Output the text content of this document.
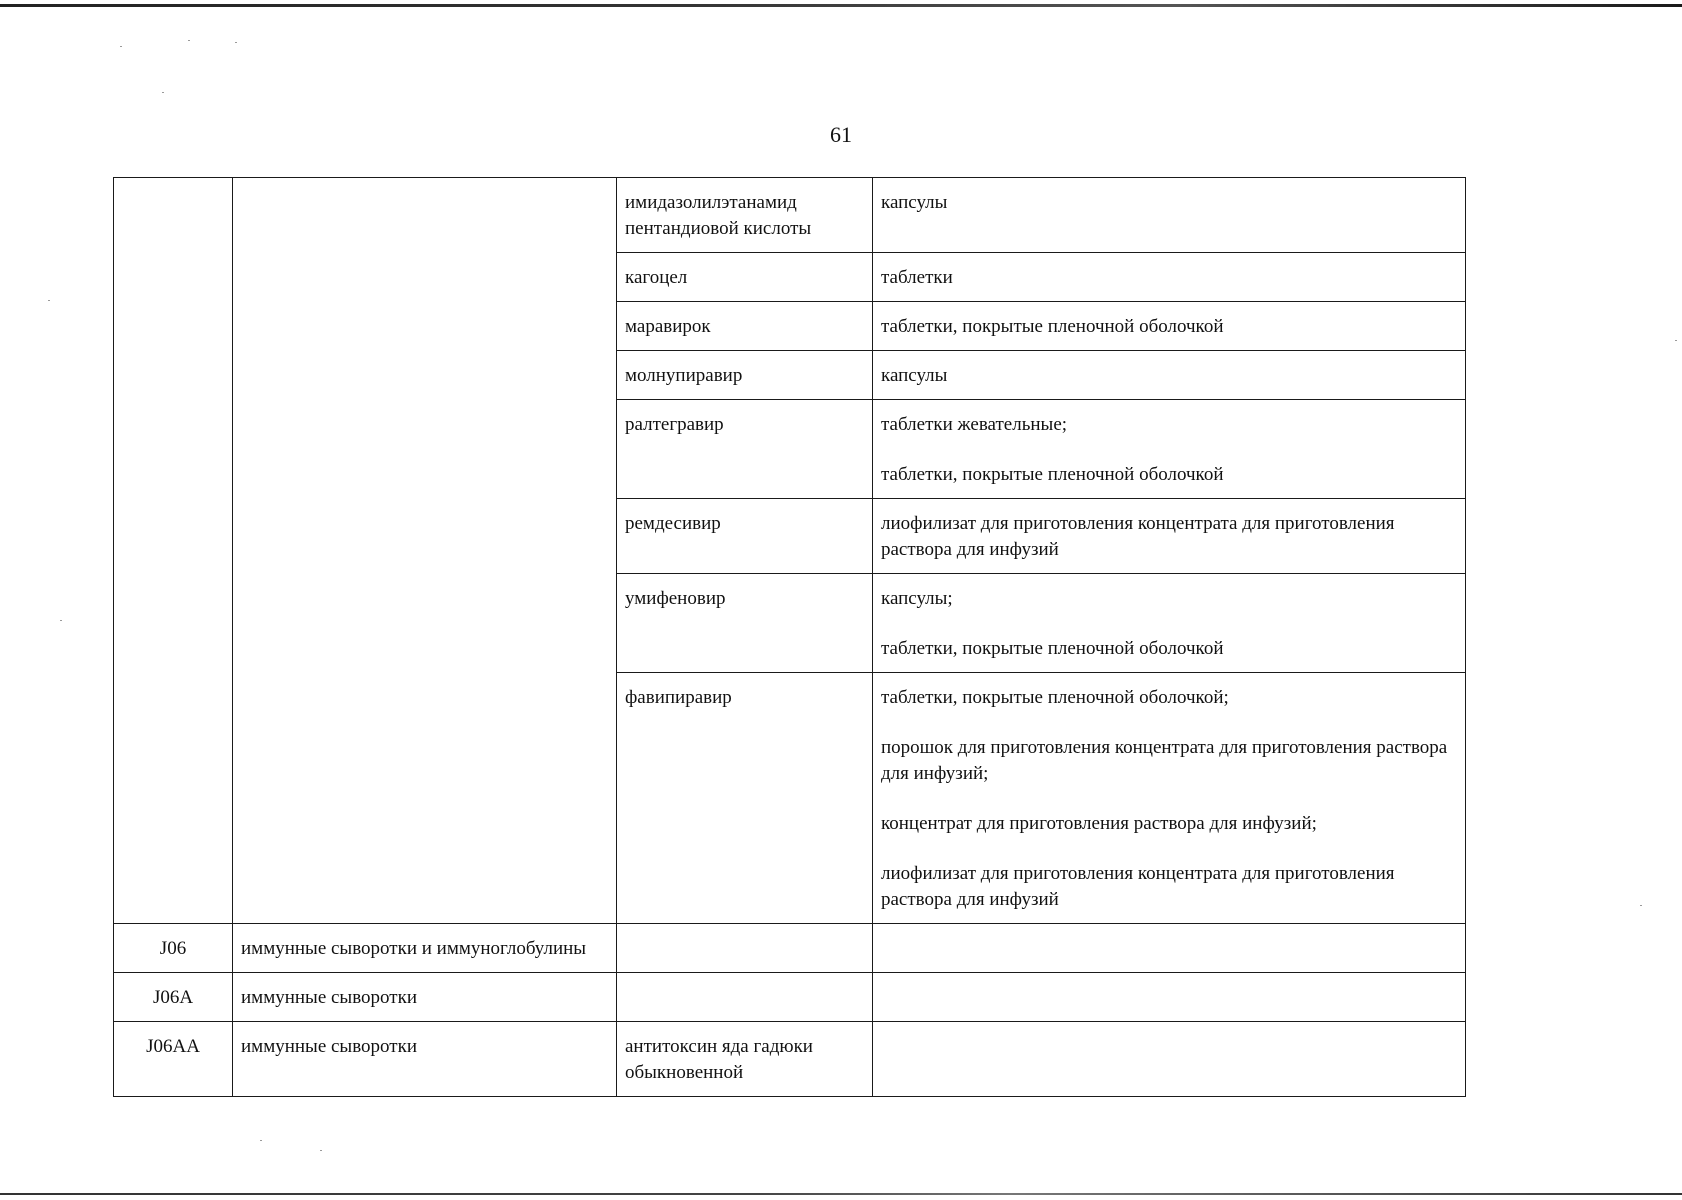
61
		имидазолилэтанамид пентандиовой кислоты	капсулы

		кагоцел	таблетки

		маравирок	таблетки, покрытые пленочной оболочкой

		молнупиравир	капсулы

		ралтегравир	таблетки жевательные;
таблетки, покрытые пленочной оболочкой

		ремдесивир	лиофилизат для приготовления концентрата для приготовления раствора для инфузий

		умифеновир	капсулы;
таблетки, покрытые пленочной оболочкой

		фавипиравир	таблетки, покрытые пленочной оболочкой;
порошок для приготовления концентрата для приготовления раствора для инфузий;
концентрат для приготовления раствора для инфузий;
лиофилизат для приготовления концентрата для приготовления раствора для инфузий

J06	иммунные сыворотки и иммуноглобулины		
J06A	иммунные сыворотки		
J06AA	иммунные сыворотки	антитоксин яда гадюки обыкновенной	
